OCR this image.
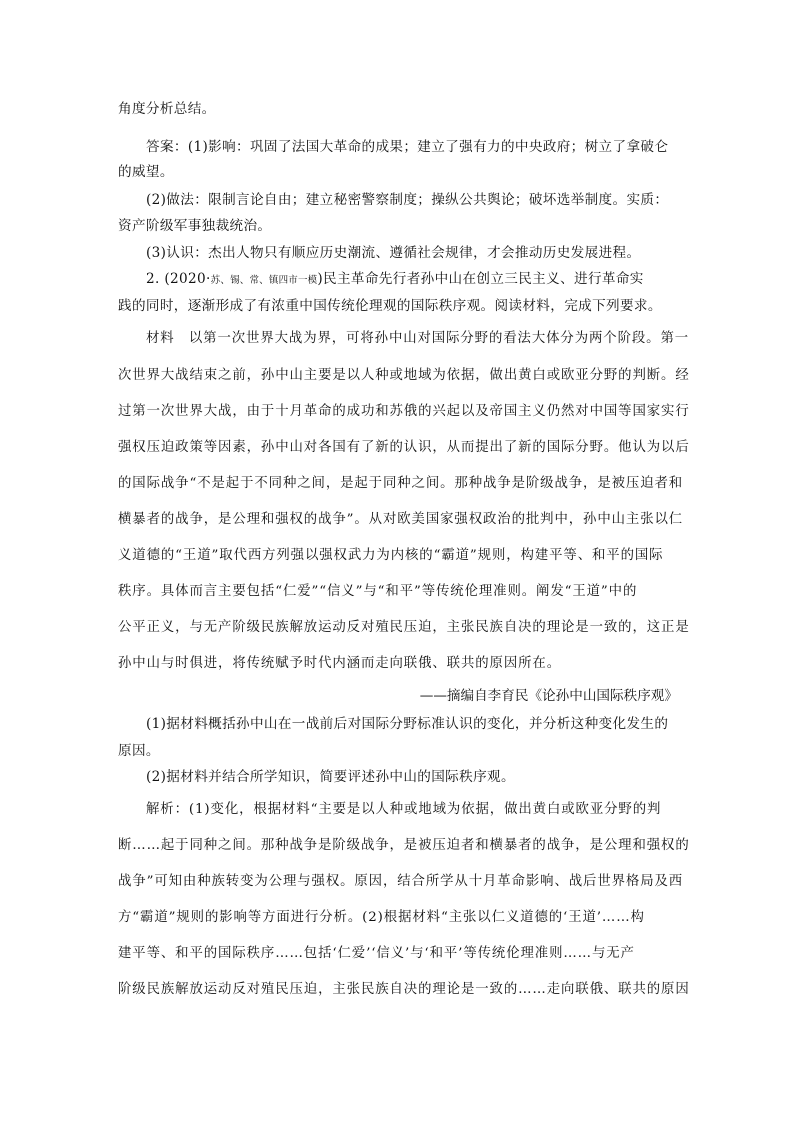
角度分析总结。
答案：(1)影响：巩固了法国大革命的成果；建立了强有力的中央政府；树立了拿破仑
的威望。
(2)做法：限制言论自由；建立秘密警察制度；操纵公共舆论；破坏选举制度。实质：
资产阶级军事独裁统治。
(3)认识：杰出人物只有顺应历史潮流、遵循社会规律，才会推动历史发展进程。
2. (2020·苏、锡、常、镇四市一模)民主革命先行者孙中山在创立三民主义、进行革命实
践的同时，逐渐形成了有浓重中国传统伦理观的国际秩序观。阅读材料，完成下列要求。
材料　以第一次世界大战为界，可将孙中山对国际分野的看法大体分为两个阶段。第一
次世界大战结束之前，孙中山主要是以人种或地域为依据，做出黄白或欧亚分野的判断。经
过第一次世界大战，由于十月革命的成功和苏俄的兴起以及帝国主义仍然对中国等国家实行
强权压迫政策等因素，孙中山对各国有了新的认识，从而提出了新的国际分野。他认为以后
的国际战争“不是起于不同种之间，是起于同种之间。那种战争是阶级战争，是被压迫者和
横暴者的战争，是公理和强权的战争”。从对欧美国家强权政治的批判中，孙中山主张以仁
义道德的“王道”取代西方列强以强权武力为内核的“霸道”规则，构建平等、和平的国际
秩序。具体而言主要包括“仁爱”“信义”与“和平”等传统伦理准则。阐发“王道”中的
公平正义，与无产阶级民族解放运动反对殖民压迫，主张民族自决的理论是一致的，这正是
孙中山与时俱进，将传统赋予时代内涵而走向联俄、联共的原因所在。
——摘编自李育民《论孙中山国际秩序观》
(1)据材料概括孙中山在一战前后对国际分野标准认识的变化，并分析这种变化发生的
原因。
(2)据材料并结合所学知识，简要评述孙中山的国际秩序观。
解析：(1)变化，根据材料“主要是以人种或地域为依据，做出黄白或欧亚分野的判
断……起于同种之间。那种战争是阶级战争，是被压迫者和横暴者的战争，是公理和强权的
战争”可知由种族转变为公理与强权。原因，结合所学从十月革命影响、战后世界格局及西
方“霸道”规则的影响等方面进行分析。(2)根据材料“主张以仁义道德的‘王道’……构
建平等、和平的国际秩序……包括‘仁爱’‘信义’与‘和平’等传统伦理准则……与无产
阶级民族解放运动反对殖民压迫，主张民族自决的理论是一致的……走向联俄、联共的原因
